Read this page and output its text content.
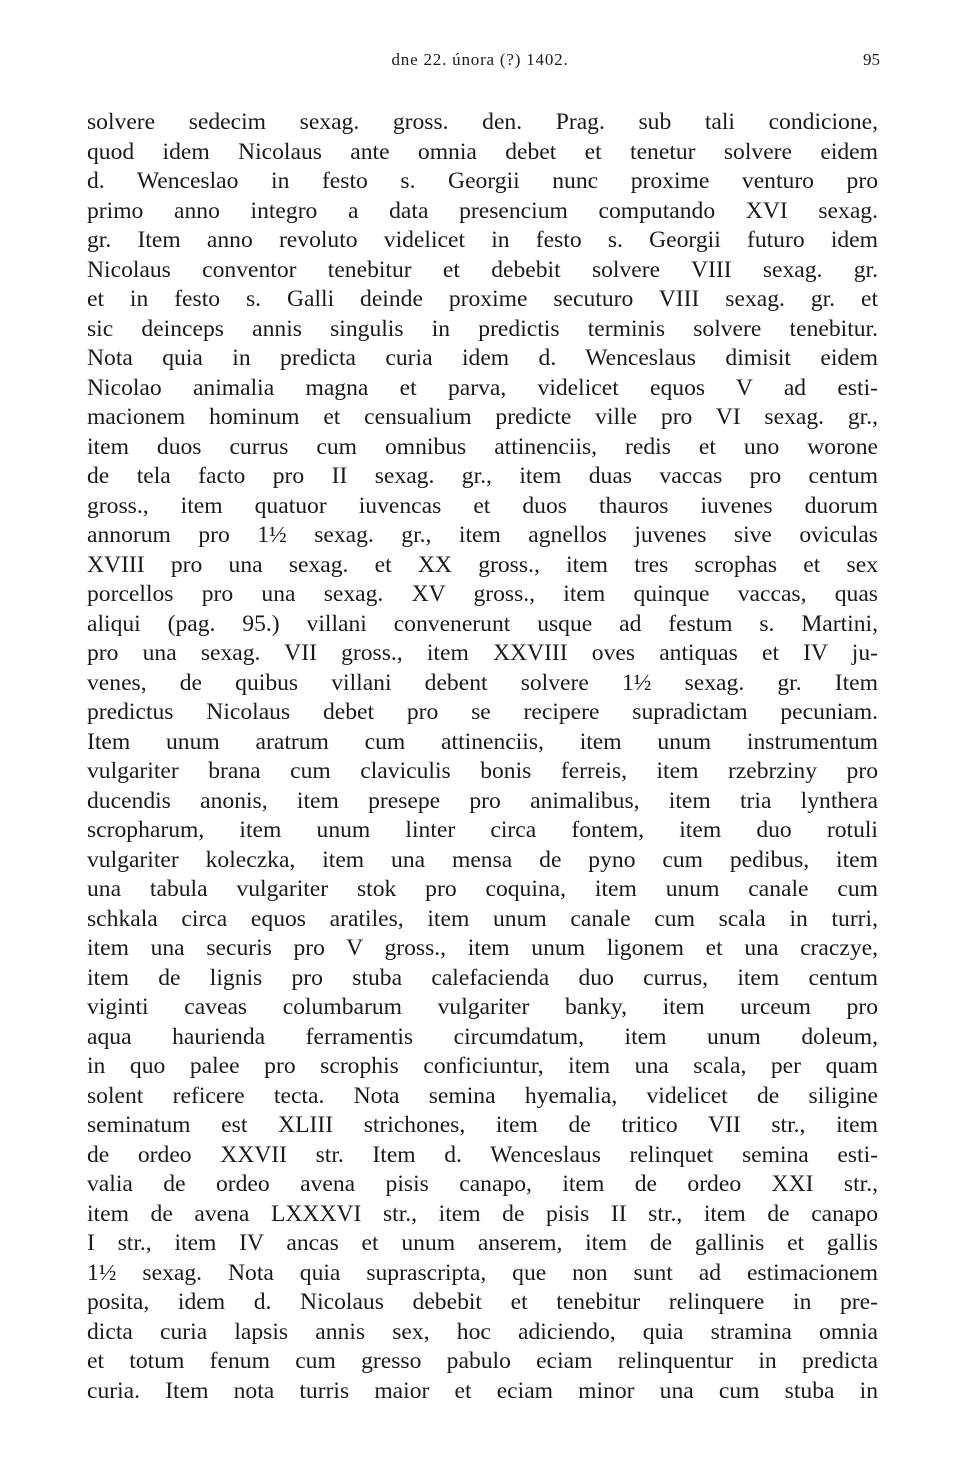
dne 22. února (?) 1402.	95
solvere sedecim sexag. gross. den. Prag. sub tali condicione,
quod idem Nicolaus ante omnia debet et tenetur solvere eidem
d. Wenceslao in festo s. Georgii nunc proxime venturo pro
primo anno integro a data presencium computando XVI sexag.
gr. Item anno revoluto videlicet in festo s. Georgii futuro idem
Nicolaus conventor tenebitur et debebit solvere VIII sexag. gr.
et in festo s. Galli deinde proxime secuturo VIII sexag. gr. et
sic deinceps annis singulis in predictis terminis solvere tenebitur.
Nota quia in predicta curia idem d. Wenceslaus dimisit eidem
Nicolao animalia magna et parva, videlicet equos V ad esti-
macionem hominum et censualium predicte ville pro VI sexag. gr.,
item duos currus cum omnibus attinenciis, redis et uno worone
de tela facto pro II sexag. gr., item duas vaccas pro centum
gross., item quatuor iuvencas et duos thauros iuvenes duorum
annorum pro 1½ sexag. gr., item agnellos juvenes sive oviculas
XVIII pro una sexag. et XX gross., item tres scrophas et sex
porcellos pro una sexag. XV gross., item quinque vaccas, quas
aliqui (pag. 95.) villani convenerunt usque ad festum s. Martini,
pro una sexag. VII gross., item XXVIII oves antiquas et IV ju-
venes, de quibus villani debent solvere 1½ sexag. gr. Item
predictus Nicolaus debet pro se recipere supradictam pecuniam.
Item unum aratrum cum attinenciis, item unum instrumentum
vulgariter brana cum claviculis bonis ferreis, item rzebrziny pro
ducendis anonis, item presepe pro animalibus, item tria lynthera
scropharum, item unum linter circa fontem, item duo rotuli
vulgariter koleczka, item una mensa de pyno cum pedibus, item
una tabula vulgariter stok pro coquina, item unum canale cum
schkala circa equos aratiles, item unum canale cum scala in turri,
item una securis pro V gross., item unum ligonem et una craczye,
item de lignis pro stuba calefacienda duo currus, item centum
viginti caveas columbarum vulgariter banky, item urceum pro
aqua haurienda ferramentis circumdatum, item unum doleum,
in quo palee pro scrophis conficiuntur, item una scala, per quam
solent reficere tecta. Nota semina hyemalia, videlicet de siligine
seminatum est XLIII strichones, item de tritico VII str., item
de ordeo XXVII str. Item d. Wenceslaus relinquet semina esti-
valia de ordeo avena pisis canapo, item de ordeo XXI str.,
item de avena LXXXVI str., item de pisis II str., item de canapo
I str., item IV ancas et unum anserem, item de gallinis et gallis
1½ sexag. Nota quia suprascripta, que non sunt ad estimacionem
posita, idem d. Nicolaus debebit et tenebitur relinquere in pre-
dicta curia lapsis annis sex, hoc adiciendo, quia stramina omnia
et totum fenum cum gresso pabulo eciam relinquentur in predicta
curia. Item nota turris maior et eciam minor una cum stuba in
